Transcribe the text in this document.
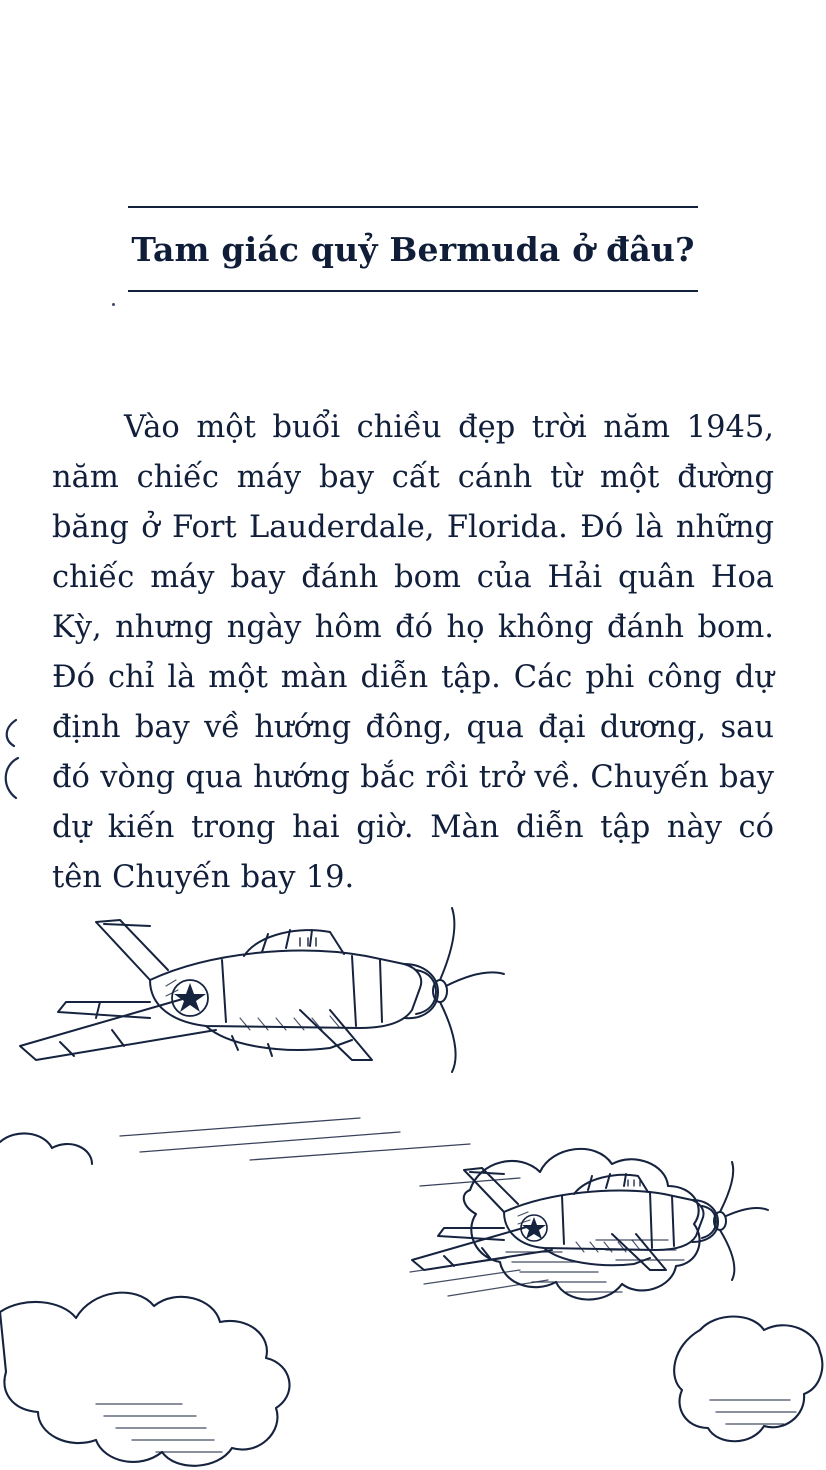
Tam giác quỷ Bermuda ở đâu?

Vào một buổi chiều đẹp trời năm 1945, năm chiếc máy bay cất cánh từ một đường băng ở Fort Lauderdale, Florida. Đó là những chiếc máy bay đánh bom của Hải quân Hoa Kỳ, nhưng ngày hôm đó họ không đánh bom. Đó chỉ là một màn diễn tập. Các phi công dự định bay về hướng đông, qua đại dương, sau đó vòng qua hướng bắc rồi trở về. Chuyến bay dự kiến trong hai giờ. Màn diễn tập này có tên Chuyến bay 19.
